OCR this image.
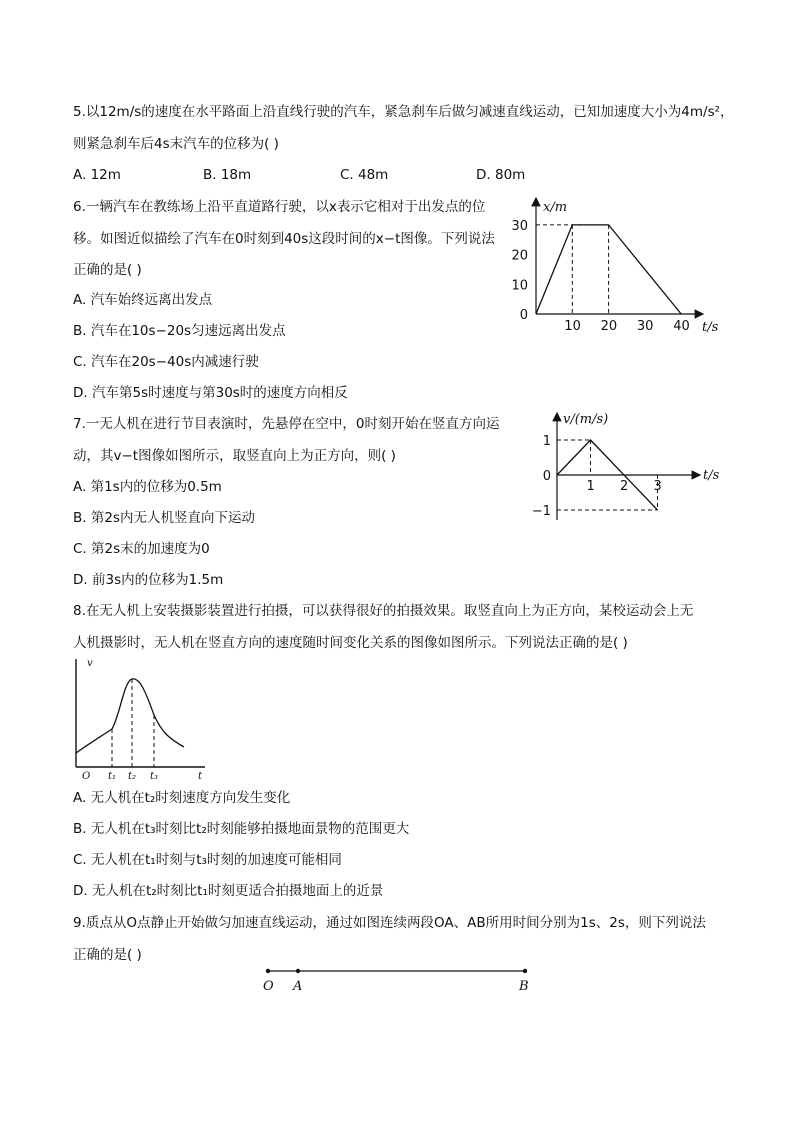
5.以12m/s的速度在水平路面上沿直线行驶的汽车，紧急刹车后做匀减速直线运动，已知加速度大小为4m/s²，
则紧急刹车后4s末汽车的位移为( )
A. 12m	B. 18m	C. 48m	D. 80m
6.一辆汽车在教练场上沿平直道路行驶，以x表示它相对于出发点的位
移。如图近似描绘了汽车在0时刻到40s这段时间的x−t图像。下列说法
正确的是( )
A. 汽车始终远离出发点
B. 汽车在10s−20s匀速远离出发点
C. 汽车在20s−40s内减速行驶
D. 汽车第5s时速度与第30s时的速度方向相反
10 20 30 40
0
10
20
30
x/m
t/s
7.一无人机在进行节目表演时，先悬停在空中，0时刻开始在竖直方向运
动，其v−t图像如图所示，取竖直向上为正方向，则( )
A. 第1s内的位移为0.5m
B. 第2s内无人机竖直向下运动
C. 第2s末的加速度为0
D. 前3s内的位移为1.5m
1 2 3
1
0
−1
v/(m/s)
t/s
8.在无人机上安装摄影装置进行拍摄，可以获得很好的拍摄效果。取竖直向上为正方向，某校运动会上无
人机摄影时，无人机在竖直方向的速度随时间变化关系的图像如图所示。下列说法正确的是( )
v
O t₁ t₂ t₃	t
A. 无人机在t₂时刻速度方向发生变化
B. 无人机在t₃时刻比t₂时刻能够拍摄地面景物的范围更大
C. 无人机在t₁时刻与t₃时刻的加速度可能相同
D. 无人机在t₂时刻比t₁时刻更适合拍摄地面上的近景
9.质点从O点静止开始做匀加速直线运动，通过如图连续两段OA、AB所用时间分别为1s、2s，则下列说法
正确的是( )
O A	B
